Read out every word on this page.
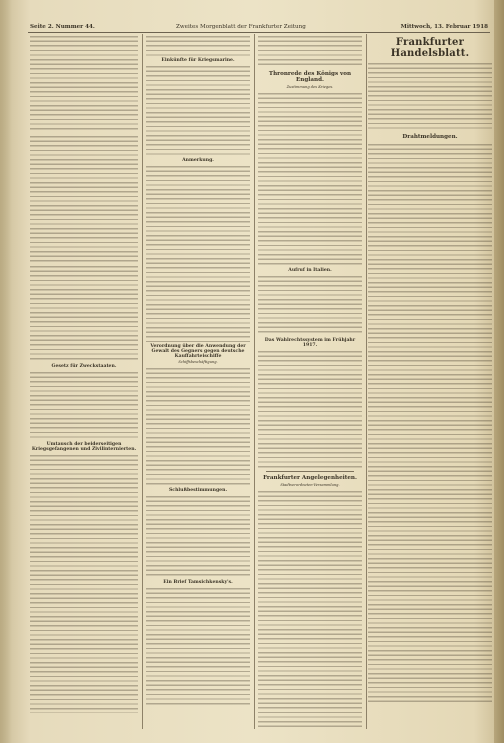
Seite 2. Nummer 44.	Zweites Morgenblatt der Frankfurter Zeitung	Mittwoch, 13. Februar 1918
Gesetz für Zweckstaaten.
Umtausch der beiderseitigen Kriegsgefangenen und Zivilinternierten.
Einkünfte für Kriegsmarine.
Anmerkung.
Verordnung über die Anwendung der Gewalt des Gegners gegen deutsche Kauffahrteischiffe
Schiffsbeschäftigung.
Schlußbestimmungen.
Ein Brief Tamsichkensky's.
Thronrede des Königs von England.
Zustimmung des Krieges.
Aufruf in Italien.
Das Wahlrechtssystem im Frühjahr 1917.
Frankfurter Angelegenheiten.
Stadtverordneten-Versammlung.
Frankfurter Handelsblatt.
Drahtmeldungen.
